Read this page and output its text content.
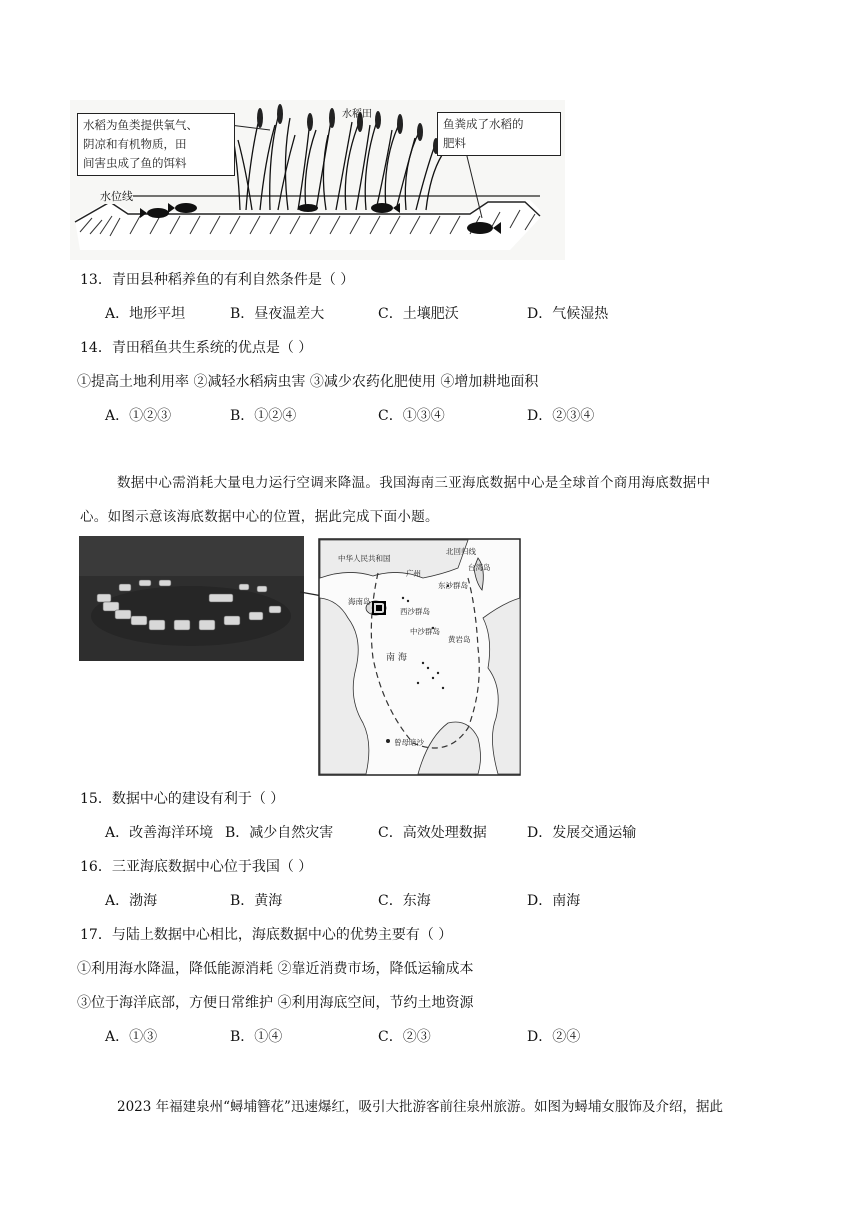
水稻为鱼类提供氧气、
阴凉和有机物质，田
间害虫成了鱼的饵料
鱼粪成了水稻的
肥料
水稻田
水位线
13．青田县种稻养鱼的有利自然条件是（ ）
A．地形平坦	B．昼夜温差大	C．土壤肥沃	D．气候湿热
14．青田稻鱼共生系统的优点是（ ）
①提高土地利用率 ②减轻水稻病虫害 ③减少农药化肥使用 ④增加耕地面积
A．①②③	B．①②④	C．①③④	D．②③④
数据中心需消耗大量电力运行空调来降温。我国海南三亚海底数据中心是全球首个商用海底数据中
心。如图示意该海底数据中心的位置，据此完成下面小题。
中华人民共和国
北回归线
台湾岛
广州
东沙群岛
海南岛
西沙群岛
中沙群岛
黄岩岛
南 海
曾母暗沙
15．数据中心的建设有利于（ ）
A．改善海洋环境 B．减少自然灾害	C．高效处理数据	D．发展交通运输
16．三亚海底数据中心位于我国（ ）
A．渤海	B．黄海	C．东海	D．南海
17．与陆上数据中心相比，海底数据中心的优势主要有（ ）
①利用海水降温，降低能源消耗 ②靠近消费市场，降低运输成本
③位于海洋底部，方便日常维护 ④利用海底空间，节约土地资源
A．①③	B．①④	C．②③	D．②④
2023 年福建泉州“蟳埔簪花”迅速爆红，吸引大批游客前往泉州旅游。如图为蟳埔女服饰及介绍，据此
